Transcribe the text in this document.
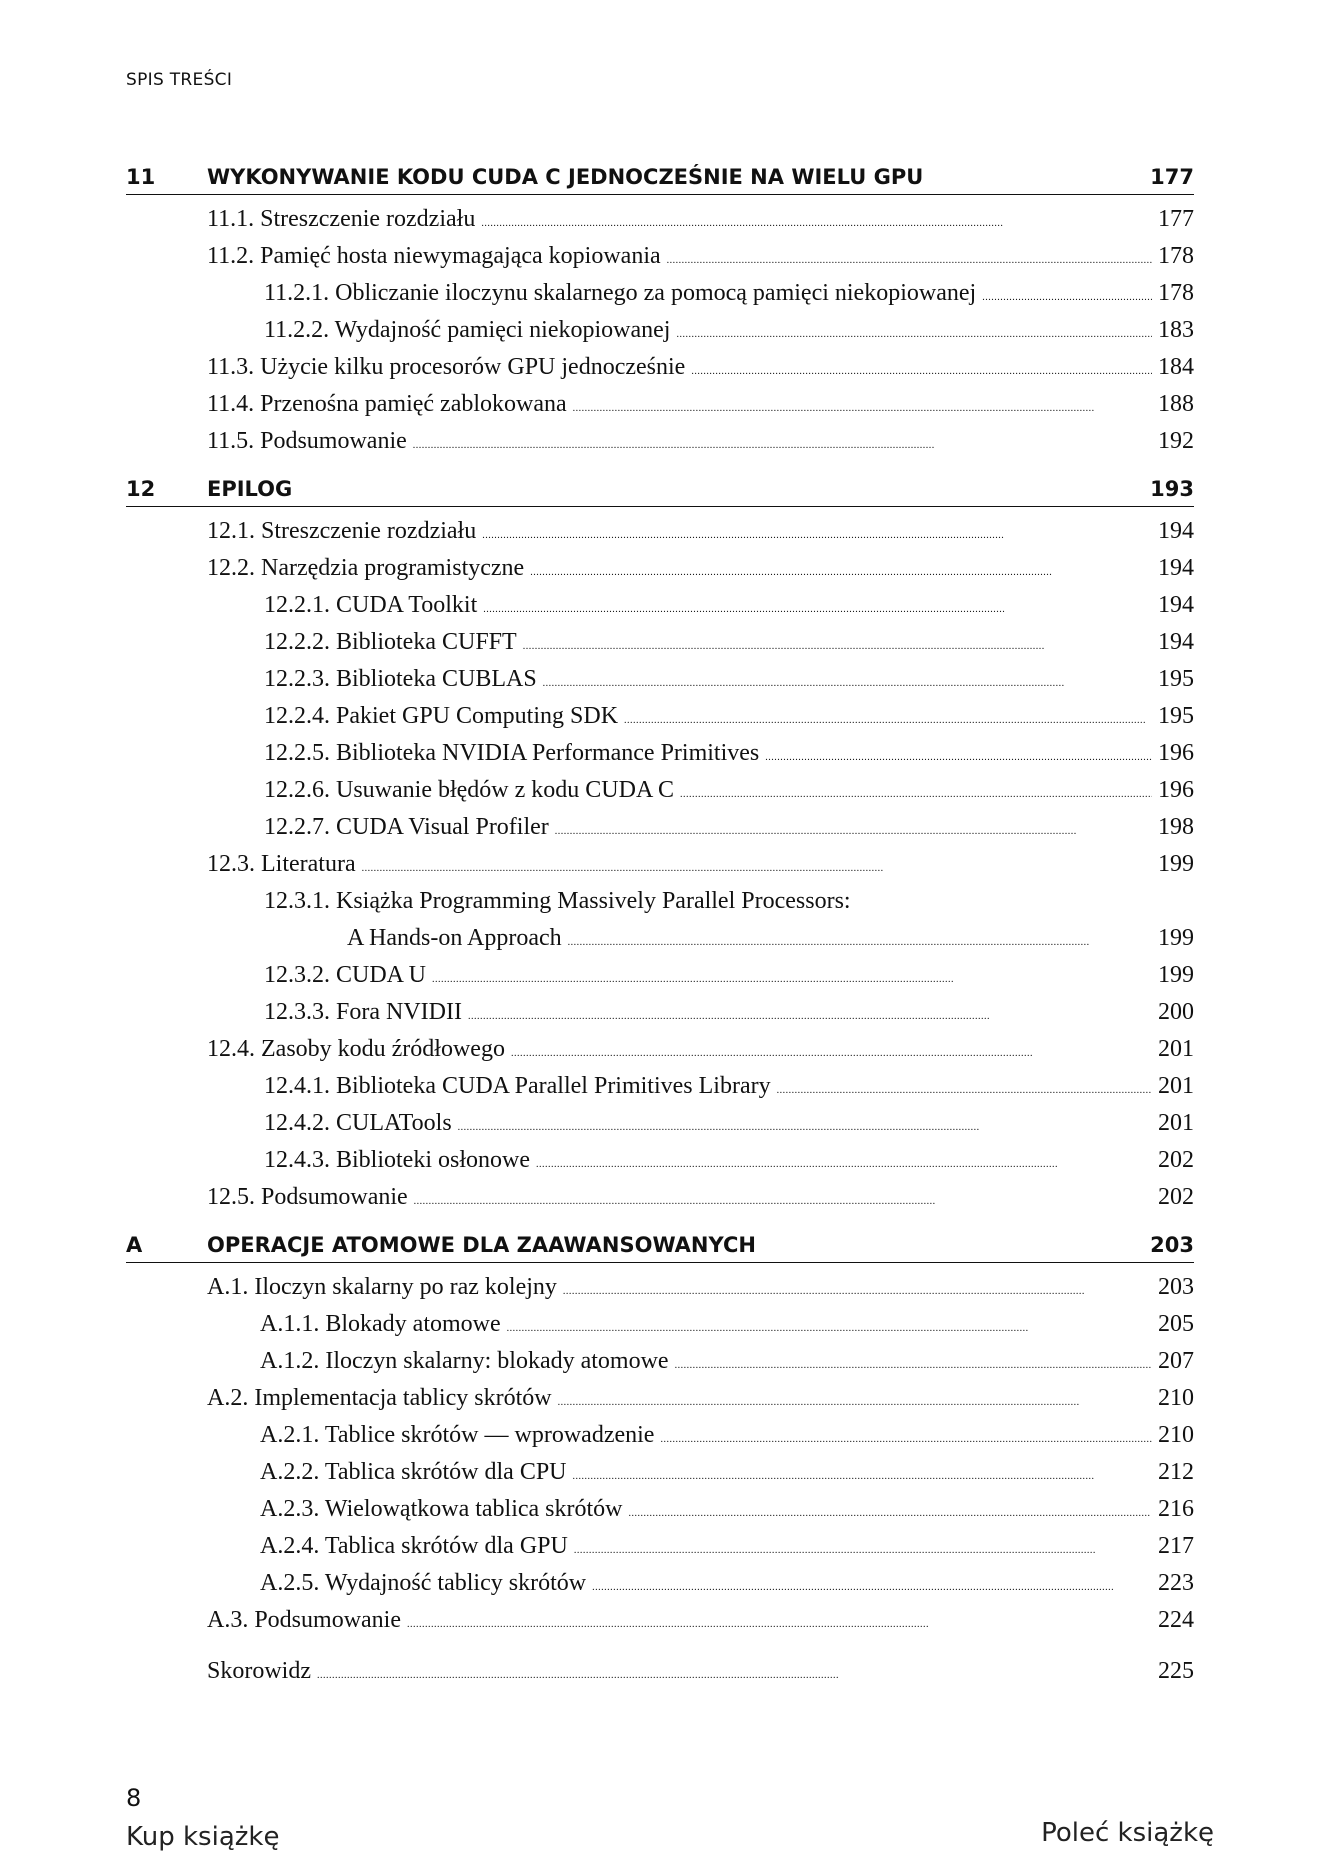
SPIS TREŚCI
11	WYKONYWANIE KODU CUDA C JEDNOCZEŚNIE NA WIELU GPU	177
11.1. Streszczenie rozdziału . . .	177
11.2. Pamięć hosta niewymagająca kopiowania . . .	178
11.2.1. Obliczanie iloczynu skalarnego za pomocą pamięci niekopiowanej . . .	178
11.2.2. Wydajność pamięci niekopiowanej . . .	183
11.3. Użycie kilku procesorów GPU jednocześnie . . .	184
11.4. Przenośna pamięć zablokowana . . .	188
11.5. Podsumowanie . . .	192
12	EPILOG	193
12.1. Streszczenie rozdziału . . .	194
12.2. Narzędzia programistyczne . . .	194
12.2.1. CUDA Toolkit . . .	194
12.2.2. Biblioteka CUFFT . . .	194
12.2.3. Biblioteka CUBLAS . . .	195
12.2.4. Pakiet GPU Computing SDK . . .	195
12.2.5. Biblioteka NVIDIA Performance Primitives . . .	196
12.2.6. Usuwanie błędów z kodu CUDA C . . .	196
12.2.7. CUDA Visual Profiler . . .	198
12.3. Literatura . . .	199
12.3.1. Książka Programming Massively Parallel Processors:
A Hands-on Approach . . .	199
12.3.2. CUDA U . . .	199
12.3.3. Fora NVIDII . . .	200
12.4. Zasoby kodu źródłowego . . .	201
12.4.1. Biblioteka CUDA Parallel Primitives Library . . .	201
12.4.2. CULATools . . .	201
12.4.3. Biblioteki osłonowe . . .	202
12.5. Podsumowanie . . .	202
A	OPERACJE ATOMOWE DLA ZAAWANSOWANYCH	203
A.1. Iloczyn skalarny po raz kolejny . . .	203
A.1.1. Blokady atomowe . . .	205
A.1.2. Iloczyn skalarny: blokady atomowe . . .	207
A.2. Implementacja tablicy skrótów . . .	210
A.2.1. Tablice skrótów — wprowadzenie . . .	210
A.2.2. Tablica skrótów dla CPU . . .	212
A.2.3. Wielowątkowa tablica skrótów . . .	216
A.2.4. Tablica skrótów dla GPU . . .	217
A.2.5. Wydajność tablicy skrótów . . .	223
A.3. Podsumowanie . . .	224
Skorowidz . . .	225
8
Kup książkę	Poleć książkę
